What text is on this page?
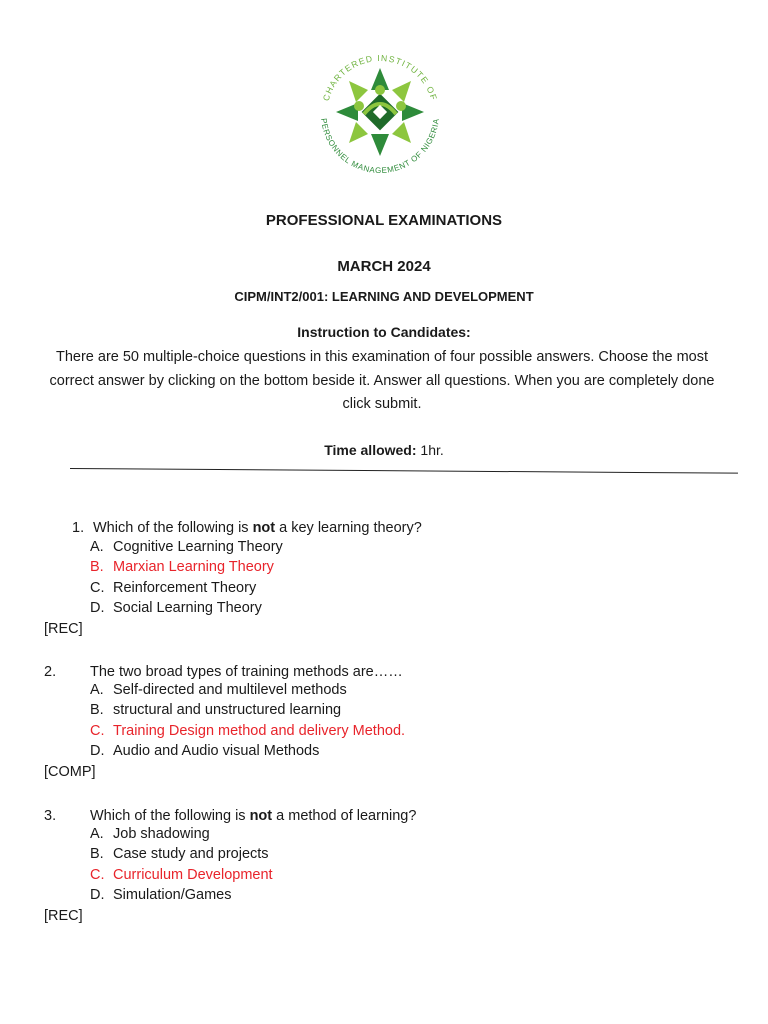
CHARTERED INSTITUTE OF
PERSONNEL MANAGEMENT OF NIGERIA
PROFESSIONAL EXAMINATIONS
MARCH 2024
CIPM/INT2/001: LEARNING AND DEVELOPMENT
Instruction to Candidates:
There are 50 multiple-choice questions in this examination of four possible answers. Choose the most correct answer by clicking on the bottom beside it. Answer all questions. When you are completely done click submit.
Time allowed: 1hr.
1. Which of the following is not a key learning theory?
A. Cognitive Learning Theory
B. Marxian Learning Theory
C. Reinforcement Theory
D. Social Learning Theory
[REC]
2. The two broad types of training methods are……
A. Self-directed and multilevel methods
B. structural and unstructured learning
C. Training Design method and delivery Method.
D. Audio and Audio visual Methods
[COMP]
3. Which of the following is not a method of learning?
A. Job shadowing
B. Case study and projects
C. Curriculum Development
D. Simulation/Games
[REC]
